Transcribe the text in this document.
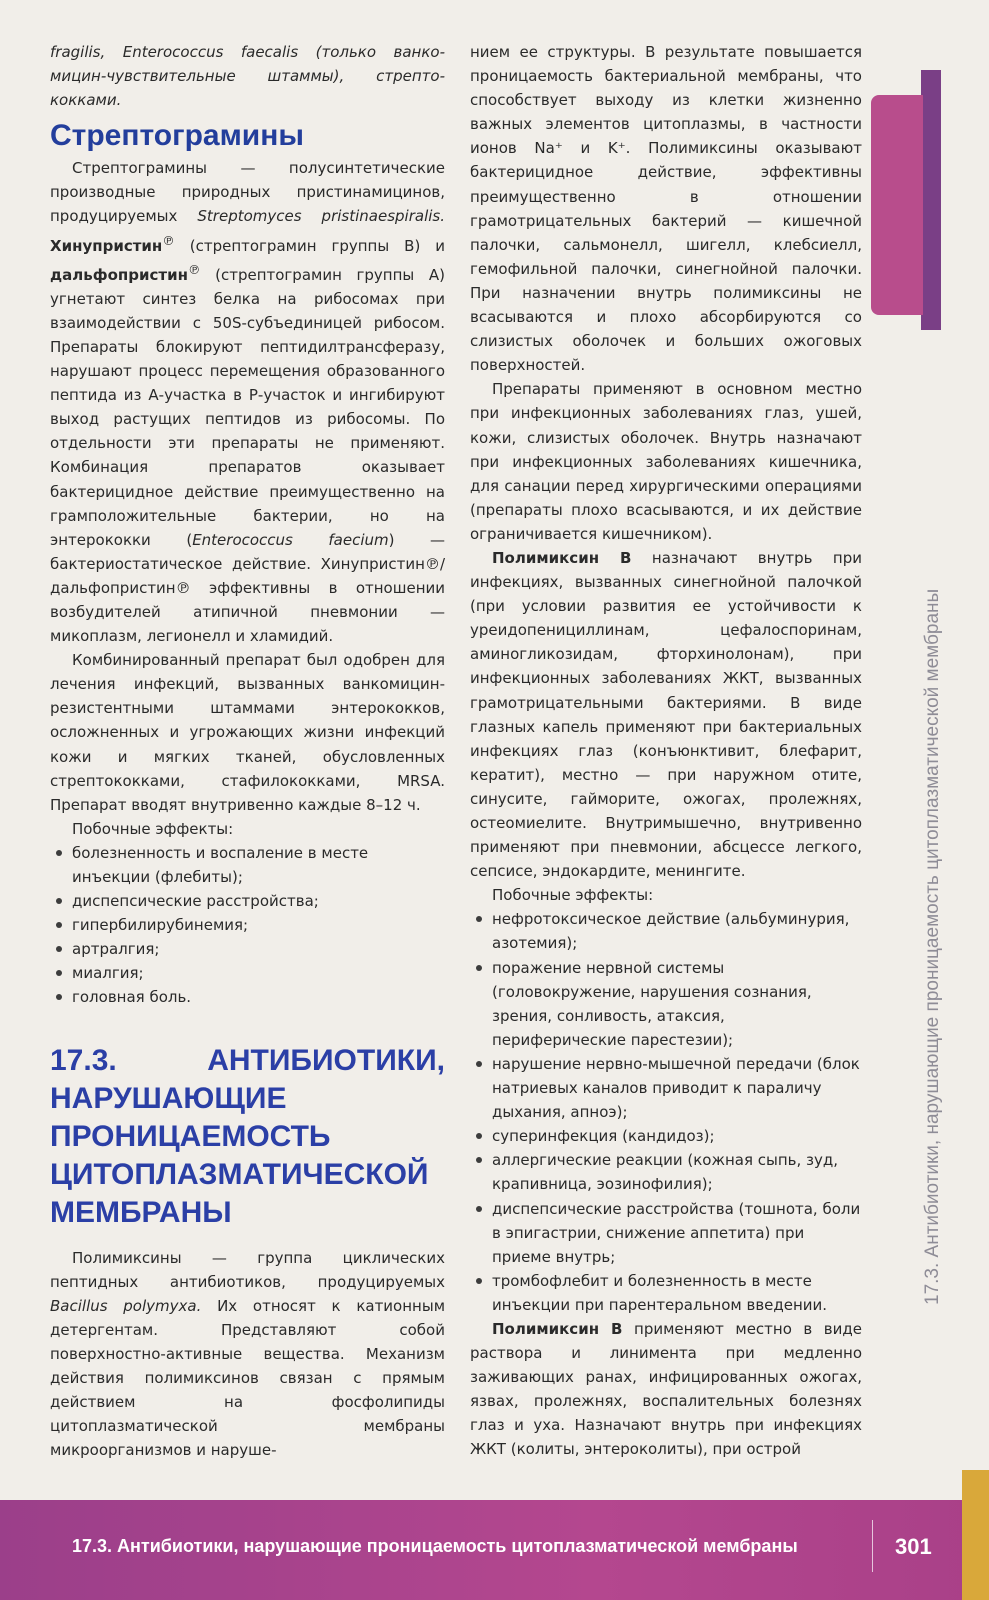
fragilis, Enterococcus faecalis (только ванко-мицин-чувствительные штаммы), стрепто-кокками.

Стрептограмины

Стрептограмины — полусинтетические производные природных пристинамицинов, продуцируемых Streptomyces pristinaespiralis. Хинупристин℗ (стрептограмин группы В) и дальфопристин℗ (стрептограмин группы А) угнетают синтез белка на рибосомах при взаимодействии с 50S-субъединицей рибосом. Препараты блокируют пептидилтрансферазу, нарушают процесс перемещения образованного пептида из А-участка в Р-участок и ингибируют выход растущих пептидов из рибосомы. По отдельности эти препараты не применяют. Комбинация препаратов оказывает бактерицидное действие преимущественно на грамположительные бактерии, но на энтерококки (Enterococcus faecium) — бактериостатическое действие. Хинупристин℗/дальфопристин℗ эффективны в отношении возбудителей атипичной пневмонии — микоплазм, легионелл и хламидий.

Комбинированный препарат был одобрен для лечения инфекций, вызванных ванкомицин-резистентными штаммами энтерококков, осложненных и угрожающих жизни инфекций кожи и мягких тканей, обусловленных стрептококками, стафилококками, MRSA. Препарат вводят внутривенно каждые 8–12 ч.

Побочные эффекты:

болезненность и воспаление в месте инъекции (флебиты);
диспепсические расстройства;
гипербилирубинемия;
артралгия;
миалгия;
головная боль.
17.3. АНТИБИОТИКИ, НАРУШАЮЩИЕ ПРОНИЦАЕМОСТЬ ЦИТОПЛАЗМАТИЧЕСКОЙ МЕМБРАНЫ

Полимиксины — группа циклических пептидных антибиотиков, продуцируемых Bacillus polymyxa. Их относят к катионным детергентам. Представляют собой поверхностно-активные вещества. Механизм действия полимиксинов связан с прямым действием на фосфолипиды цитоплазматической мембраны микроорганизмов и наруше-

нием ее структуры. В результате повышается проницаемость бактериальной мембраны, что способствует выходу из клетки жизненно важных элементов цитоплазмы, в частности ионов Na⁺ и K⁺. Полимиксины оказывают бактерицидное действие, эффективны преимущественно в отношении грамотрицательных бактерий — кишечной палочки, сальмонелл, шигелл, клебсиелл, гемофильной палочки, синегнойной палочки. При назначении внутрь полимиксины не всасываются и плохо абсорбируются со слизистых оболочек и больших ожоговых поверхностей.

Препараты применяют в основном местно при инфекционных заболеваниях глаз, ушей, кожи, слизистых оболочек. Внутрь назначают при инфекционных заболеваниях кишечника, для санации перед хирургическими операциями (препараты плохо всасываются, и их действие ограничивается кишечником).

Полимиксин В назначают внутрь при инфекциях, вызванных синегнойной палочкой (при условии развития ее устойчивости к уреидопенициллинам, цефалоспоринам, аминогликозидам, фторхинолонам), при инфекционных заболеваниях ЖКТ, вызванных грамотрицательными бактериями. В виде глазных капель применяют при бактериальных инфекциях глаз (конъюнктивит, блефарит, кератит), местно — при наружном отите, синусите, гайморите, ожогах, пролежнях, остеомиелите. Внутримышечно, внутривенно применяют при пневмонии, абсцессе легкого, сепсисе, эндокардите, менингите.

Побочные эффекты:

нефротоксическое действие (альбуминурия, азотемия);
поражение нервной системы (головокружение, нарушения сознания, зрения, сонливость, атаксия, периферические парестезии);
нарушение нервно-мышечной передачи (блок натриевых каналов приводит к параличу дыхания, апноэ);
суперинфекция (кандидоз);
аллергические реакции (кожная сыпь, зуд, крапивница, эозинофилия);
диспепсические расстройства (тошнота, боли в эпигастрии, снижение аппетита) при приеме внутрь;
тромбофлебит и болезненность в месте инъекции при парентеральном введении.

Полимиксин В применяют местно в виде раствора и линимента при медленно заживающих ранах, инфицированных ожогах, язвах, пролежнях, воспалительных болезнях глаз и уха. Назначают внутрь при инфекциях ЖКТ (колиты, энтероколиты), при острой

17.3. Антибиотики, нарушающие проницаемость цитоплазматической мембраны
17.3. Антибиотики, нарушающие проницаемость цитоплазматической мембраны	301
